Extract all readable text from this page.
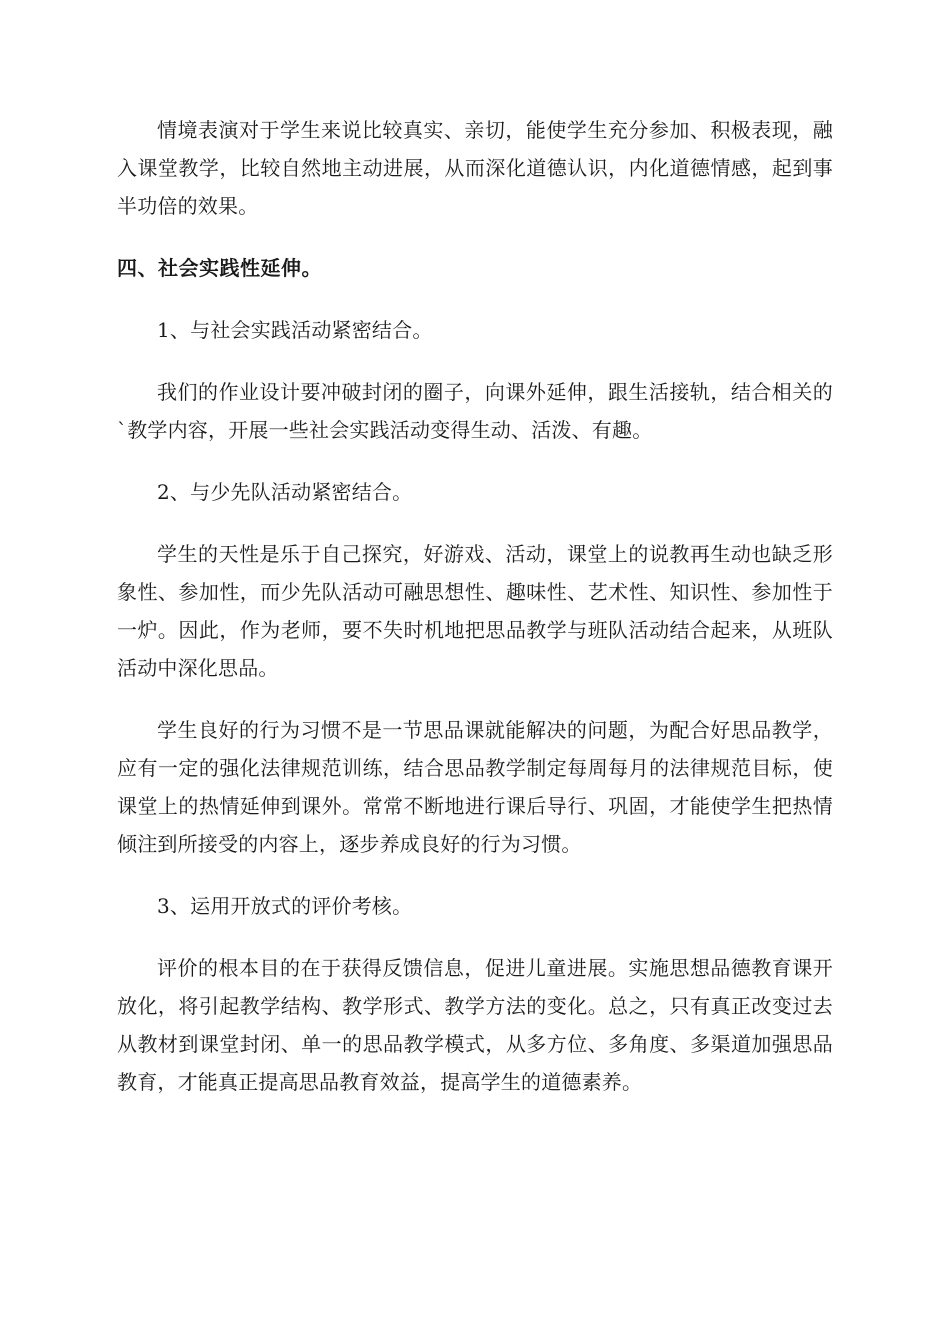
情境表演对于学生来说比较真实、亲切，能使学生充分参加、积极表现，融入课堂教学，比较自然地主动进展，从而深化道德认识，内化道德情感，起到事半功倍的效果。

四、社会实践性延伸。

1、与社会实践活动紧密结合。

我们的作业设计要冲破封闭的圈子，向课外延伸，跟生活接轨，结合相关的`教学内容，开展一些社会实践活动变得生动、活泼、有趣。

2、与少先队活动紧密结合。

学生的天性是乐于自己探究，好游戏、活动，课堂上的说教再生动也缺乏形象性、参加性，而少先队活动可融思想性、趣味性、艺术性、知识性、参加性于一炉。因此，作为老师，要不失时机地把思品教学与班队活动结合起来，从班队活动中深化思品。

学生良好的行为习惯不是一节思品课就能解决的问题，为配合好思品教学，应有一定的强化法律规范训练，结合思品教学制定每周每月的法律规范目标，使课堂上的热情延伸到课外。常常不断地进行课后导行、巩固，才能使学生把热情倾注到所接受的内容上，逐步养成良好的行为习惯。

3、运用开放式的评价考核。

评价的根本目的在于获得反馈信息，促进儿童进展。实施思想品德教育课开放化，将引起教学结构、教学形式、教学方法的变化。总之，只有真正改变过去从教材到课堂封闭、单一的思品教学模式，从多方位、多角度、多渠道加强思品教育，才能真正提高思品教育效益，提高学生的道德素养。
